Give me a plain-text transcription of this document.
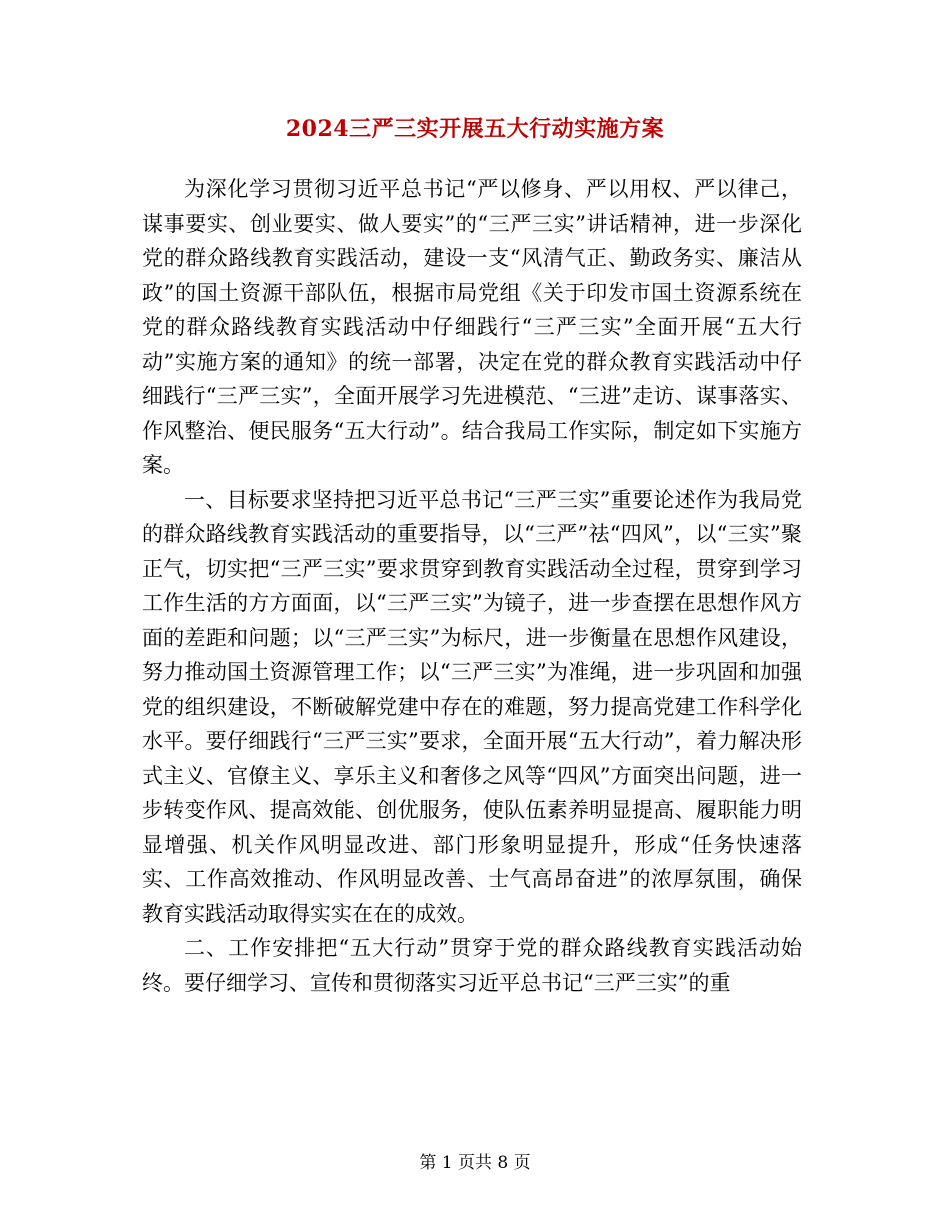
2024三严三实开展五大行动实施方案

为深化学习贯彻习近平总书记“严以修身、严以用权、严以律己，谋事要实、创业要实、做人要实”的“三严三实”讲话精神，进一步深化党的群众路线教育实践活动，建设一支“风清气正、勤政务实、廉洁从政”的国土资源干部队伍，根据市局党组《关于印发市国土资源系统在党的群众路线教育实践活动中仔细践行“三严三实”全面开展“五大行动”实施方案的通知》的统一部署，决定在党的群众教育实践活动中仔细践行“三严三实”，全面开展学习先进模范、“三进”走访、谋事落实、作风整治、便民服务“五大行动”。结合我局工作实际，制定如下实施方案。

一、目标要求坚持把习近平总书记“三严三实”重要论述作为我局党的群众路线教育实践活动的重要指导，以“三严”祛“四风”，以“三实”聚正气，切实把“三严三实”要求贯穿到教育实践活动全过程，贯穿到学习工作生活的方方面面，以“三严三实”为镜子，进一步查摆在思想作风方面的差距和问题；以“三严三实”为标尺，进一步衡量在思想作风建设，努力推动国土资源管理工作；以“三严三实”为准绳，进一步巩固和加强党的组织建设，不断破解党建中存在的难题，努力提高党建工作科学化水平。要仔细践行“三严三实”要求，全面开展“五大行动”，着力解决形式主义、官僚主义、享乐主义和奢侈之风等“四风”方面突出问题，进一步转变作风、提高效能、创优服务，使队伍素养明显提高、履职能力明显增强、机关作风明显改进、部门形象明显提升，形成“任务快速落实、工作高效推动、作风明显改善、士气高昂奋进”的浓厚氛围，确保教育实践活动取得实实在在的成效。

二、工作安排把“五大行动”贯穿于党的群众路线教育实践活动始终。要仔细学习、宣传和贯彻落实习近平总书记“三严三实”的重

第 1 页共 8 页
